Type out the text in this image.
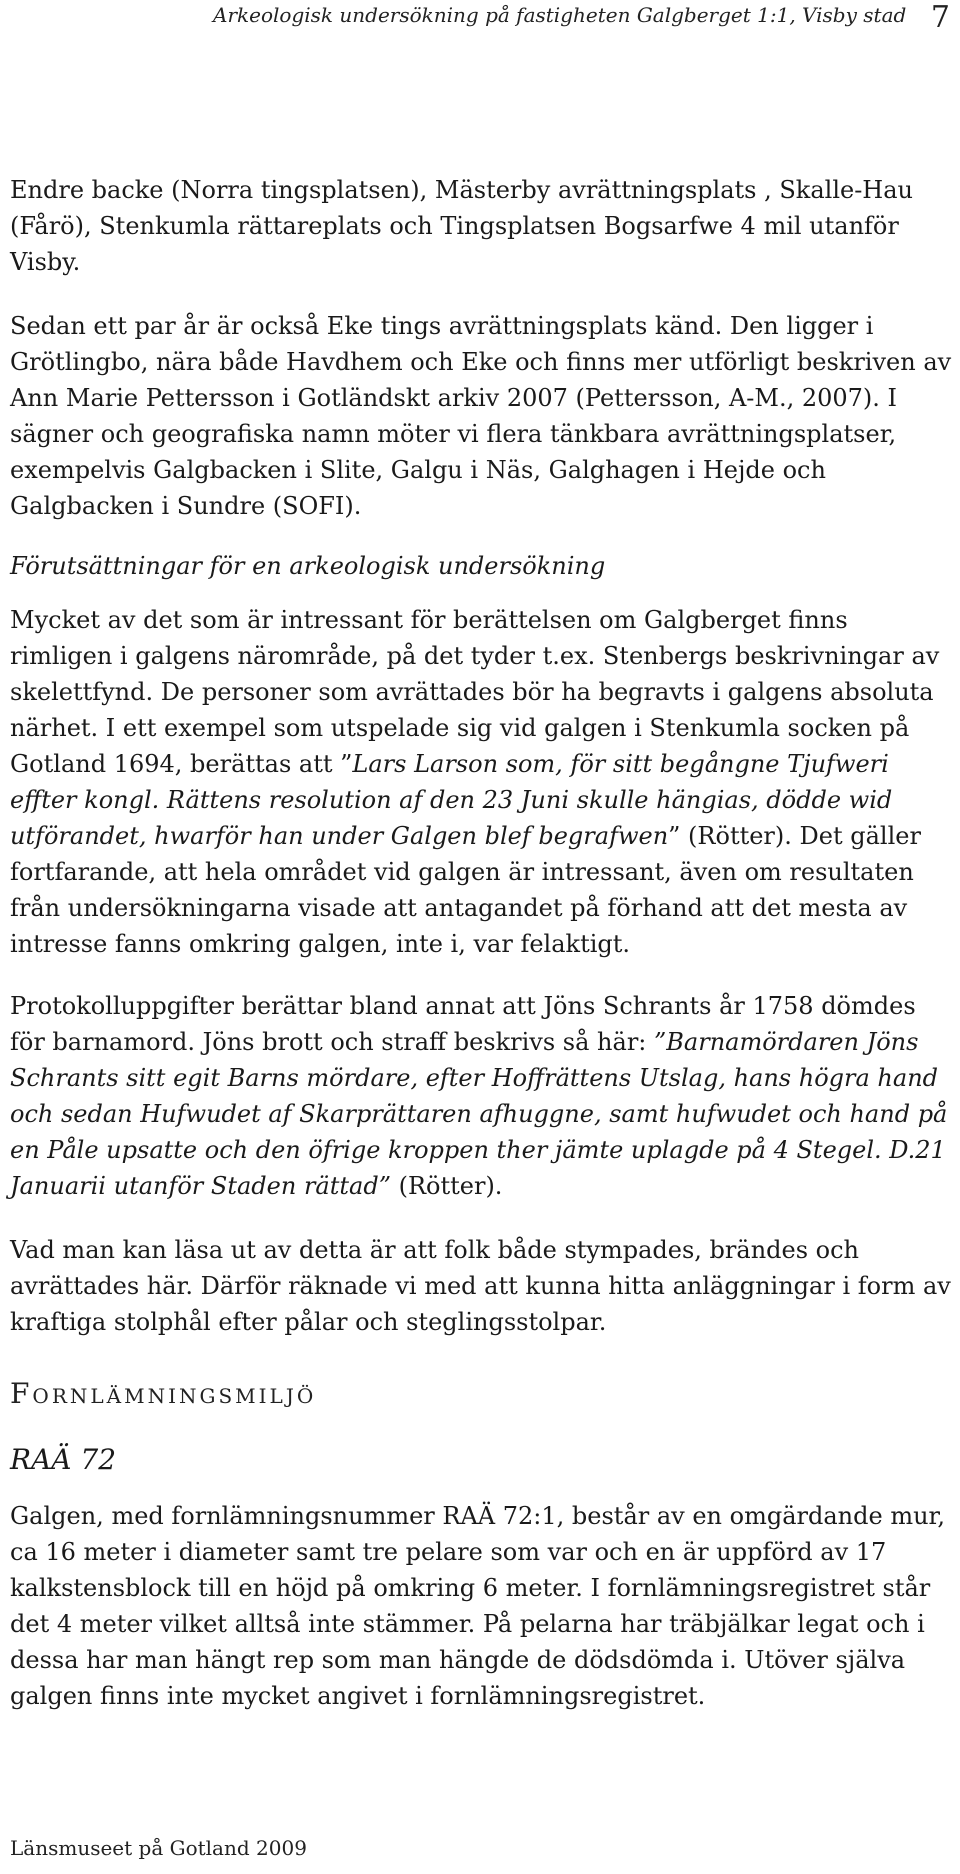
Arkeologisk undersökning på fastigheten Galgberget 1:1, Visby stad 7

Endre backe (Norra tingsplatsen), Mästerby avrättningsplats , Skalle-Hau (Fårö), Stenkumla rättareplats och Tingsplatsen Bogsarfwe 4 mil utanför Visby.

Sedan ett par år är också Eke tings avrättningsplats känd. Den ligger i Grötlingbo, nära både Havdhem och Eke och finns mer utförligt beskriven av Ann Marie Pettersson i Gotländskt arkiv 2007 (Pettersson, A-M., 2007). I sägner och geografiska namn möter vi flera tänkbara avrättningsplatser, exempelvis Galgbacken i Slite, Galgu i Näs, Galghagen i Hejde och Galgbacken i Sundre (SOFI).

Förutsättningar för en arkeologisk undersökning

Mycket av det som är intressant för berättelsen om Galgberget finns rimligen i galgens närområde, på det tyder t.ex. Stenbergs beskrivningar av skelettfynd. De personer som avrättades bör ha begravts i galgens absoluta närhet. I ett exempel som utspelade sig vid galgen i Stenkumla socken på Gotland 1694, berättas att ”Lars Larson som, för sitt begångne Tjufweri effter kongl. Rättens resolution af den 23 Juni skulle hängias, dödde wid utförandet, hwarför han under Galgen blef begrafwen” (Rötter). Det gäller fortfarande, att hela området vid galgen är intressant, även om resultaten från undersökningarna visade att antagandet på förhand att det mesta av intresse fanns omkring galgen, inte i, var felaktigt.

Protokolluppgifter berättar bland annat att Jöns Schrants år 1758 dömdes för barnamord. Jöns brott och straff beskrivs så här: ”Barnamördaren Jöns Schrants sitt egit Barns mördare, efter Hoffrättens Utslag, hans högra hand och sedan Hufwudet af Skarprättaren afhuggne, samt hufwudet och hand på en Påle upsatte och den öfrige kroppen ther jämte uplagde på 4 Stegel. D.21 Januarii utanför Staden rättad” (Rötter).

Vad man kan läsa ut av detta är att folk både stympades, brändes och avrättades här. Därför räknade vi med att kunna hitta anläggningar i form av kraftiga stolphål efter pålar och steglingsstolpar.

Fornlämningsmiljö

RAÄ 72

Galgen, med fornlämningsnummer RAÄ 72:1, består av en omgärdande mur, ca 16 meter i diameter samt tre pelare som var och en är uppförd av 17 kalkstensblock till en höjd på omkring 6 meter. I fornlämningsregistret står det 4 meter vilket alltså inte stämmer. På pelarna har träbjälkar legat och i dessa har man hängt rep som man hängde de dödsdömda i. Utöver själva galgen finns inte mycket angivet i fornlämningsregistret.

Länsmuseet på Gotland 2009
